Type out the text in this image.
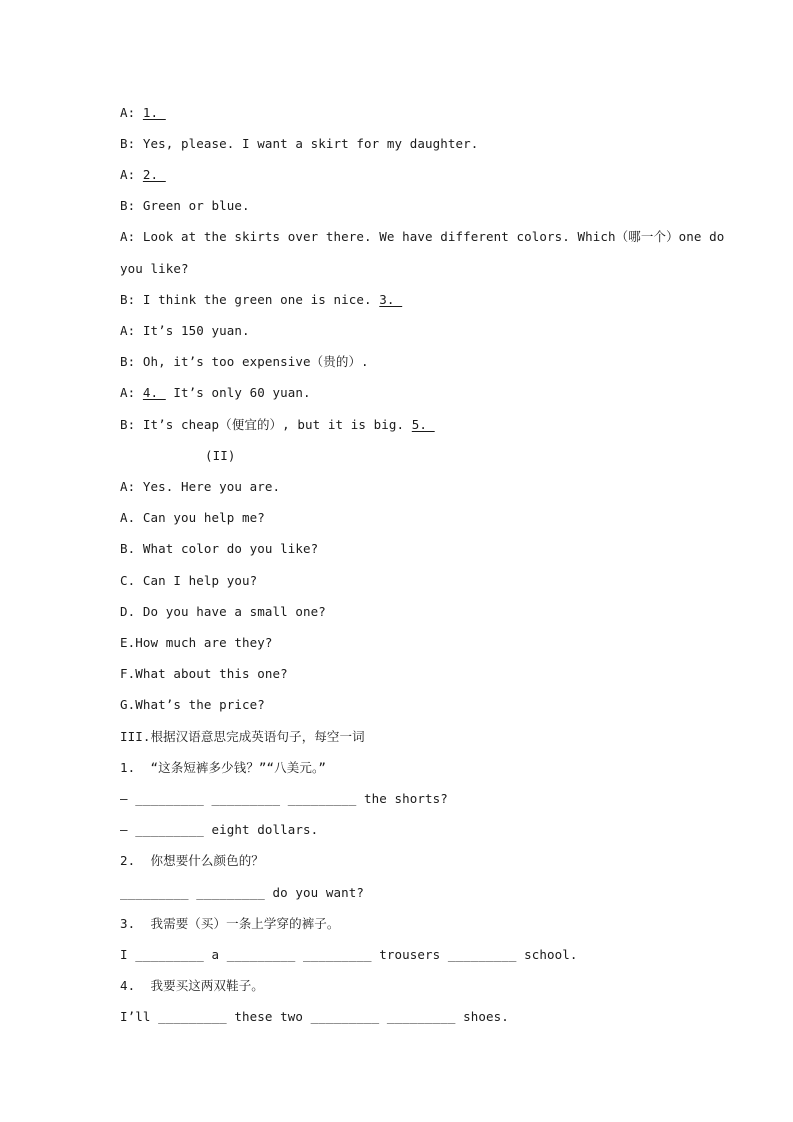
A: 1.
B: Yes, please. I want a skirt for my daughter.
A: 2.
B: Green or blue.
A: Look at the skirts over there. We have different colors. Which（哪一个）one do
you like?
B: I think the green one is nice. 3.
A: It’s 150 yuan.
B: Oh, it’s too expensive（贵的）.
A: 4.  It’s only 60 yuan.
B: It’s cheap（便宜的）, but it is big. 5.
(II)
A: Yes. Here you are.
A. Can you help me?
B. What color do you like?
C. Can I help you?
D. Do you have a small one?
E.How much are they?
F.What about this one?
G.What’s the price?
III.根据汉语意思完成英语句子，每空一词
1.  “这条短裤多少钱？”“八美元。”
— _________ _________ _________ the shorts?
— _________ eight dollars.
2.  你想要什么颜色的？
_________ _________ do you want?
3.  我需要（买）一条上学穿的裤子。
I _________ a _________ _________ trousers _________ school.
4.  我要买这两双鞋子。
I’ll _________ these two _________ _________ shoes.
